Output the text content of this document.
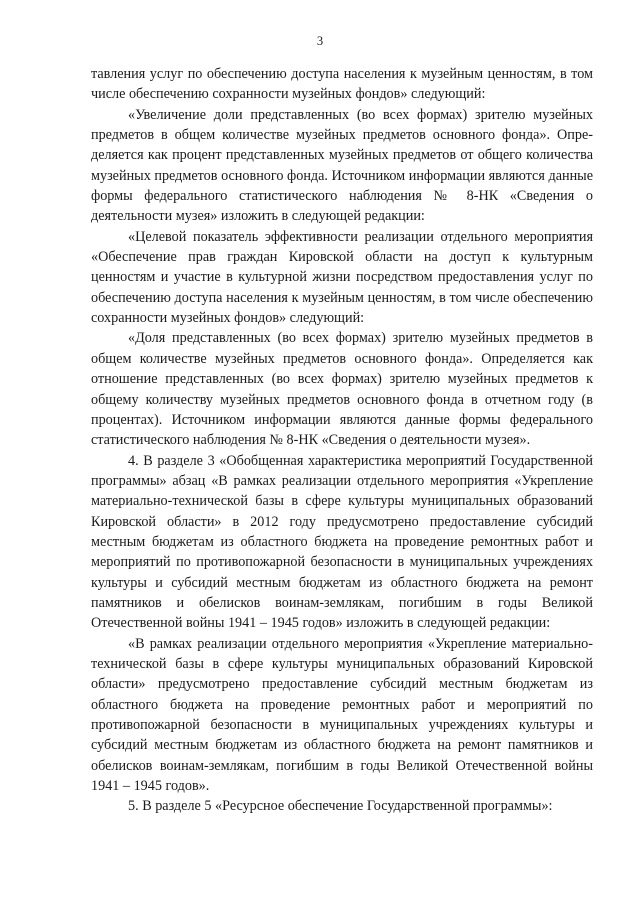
3

тавления услуг по обеспечению доступа населения к музейным ценностям, в том числе обеспечению сохранности музейных фондов» следующий:

«Увеличение доли представленных (во всех формах) зрителю музейных предметов в общем количестве музейных предметов основного фонда». Определяется как процент представленных музейных предметов от общего количества музейных предметов основного фонда. Источником информации являются данные формы федерального статистического наблюдения № 8-НК «Сведения о деятельности музея» изложить в следующей редакции:

«Целевой показатель эффективности реализации отдельного мероприятия «Обеспечение прав граждан Кировской области на доступ к культурным ценностям и участие в культурной жизни посредством предоставления услуг по обеспечению доступа населения к музейным ценностям, в том числе обеспечению сохранности музейных фондов» следующий:

«Доля представленных (во всех формах) зрителю музейных предметов в общем количестве музейных предметов основного фонда». Определяется как отношение представленных (во всех формах) зрителю музейных предметов к общему количеству музейных предметов основного фонда в отчетном году (в процентах). Источником информации являются данные формы федерального статистического наблюдения № 8-НК «Сведения о деятельности музея».

4. В разделе 3 «Обобщенная характеристика мероприятий Государственной программы» абзац «В рамках реализации отдельного мероприятия «Укрепление материально-технической базы в сфере культуры муниципальных образований Кировской области» в 2012 году предусмотрено предоставление субсидий местным бюджетам из областного бюджета на проведение ремонтных работ и мероприятий по противопожарной безопасности в муниципальных учреждениях культуры и субсидий местным бюджетам из областного бюджета на ремонт памятников и обелисков воинам-землякам, погибшим в годы Великой Отечественной войны 1941 – 1945 годов» изложить в следующей редакции:

«В рамках реализации отдельного мероприятия «Укрепление материально-технической базы в сфере культуры муниципальных образований Кировской области» предусмотрено предоставление субсидий местным бюджетам из областного бюджета на проведение ремонтных работ и мероприятий по противопожарной безопасности в муниципальных учреждениях культуры и субсидий местным бюджетам из областного бюджета на ремонт памятников и обелисков воинам-землякам, погибшим в годы Великой Отечественной войны 1941 – 1945 годов».

5. В разделе 5 «Ресурсное обеспечение Государственной программы»:
